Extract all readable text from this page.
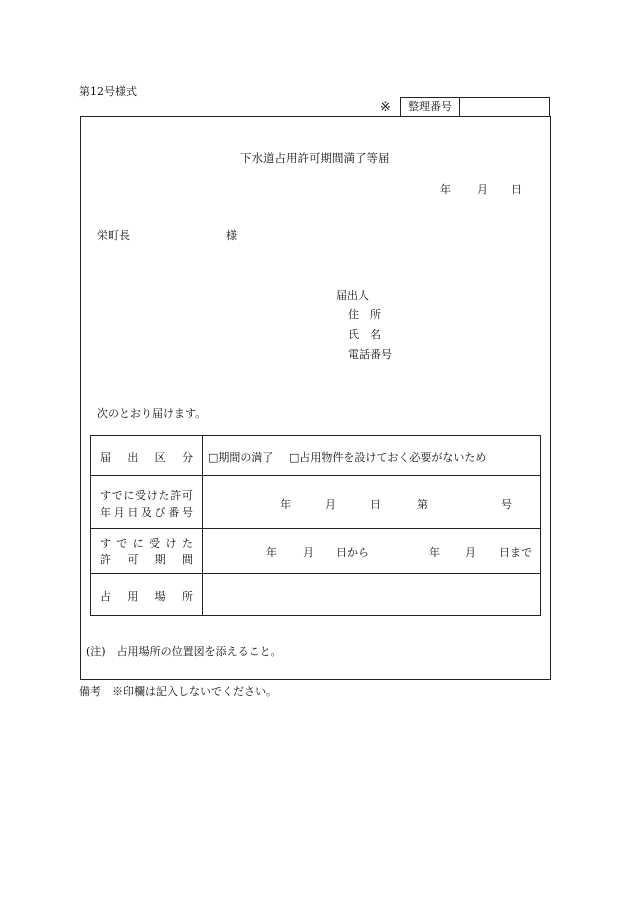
第12号様式
※	整理番号
下水道占用許可期間満了等届
年 月 日
栄町長	様
届出人
住　所
氏　名
電話番号
次のとおり届けます。
届 出 区 分 □期間の満了 □占用物件を設けておく必要がないため
す で に 受 け た 許 可
年 月 日 及 び 番 号
年	月	日	第	号
す で に 受 け た
許 可 期 間
年 月 日から	年 月 日まで
占 用 場 所
(注)　占用場所の位置図を添えること。
備考　※印欄は記入しないでください。
